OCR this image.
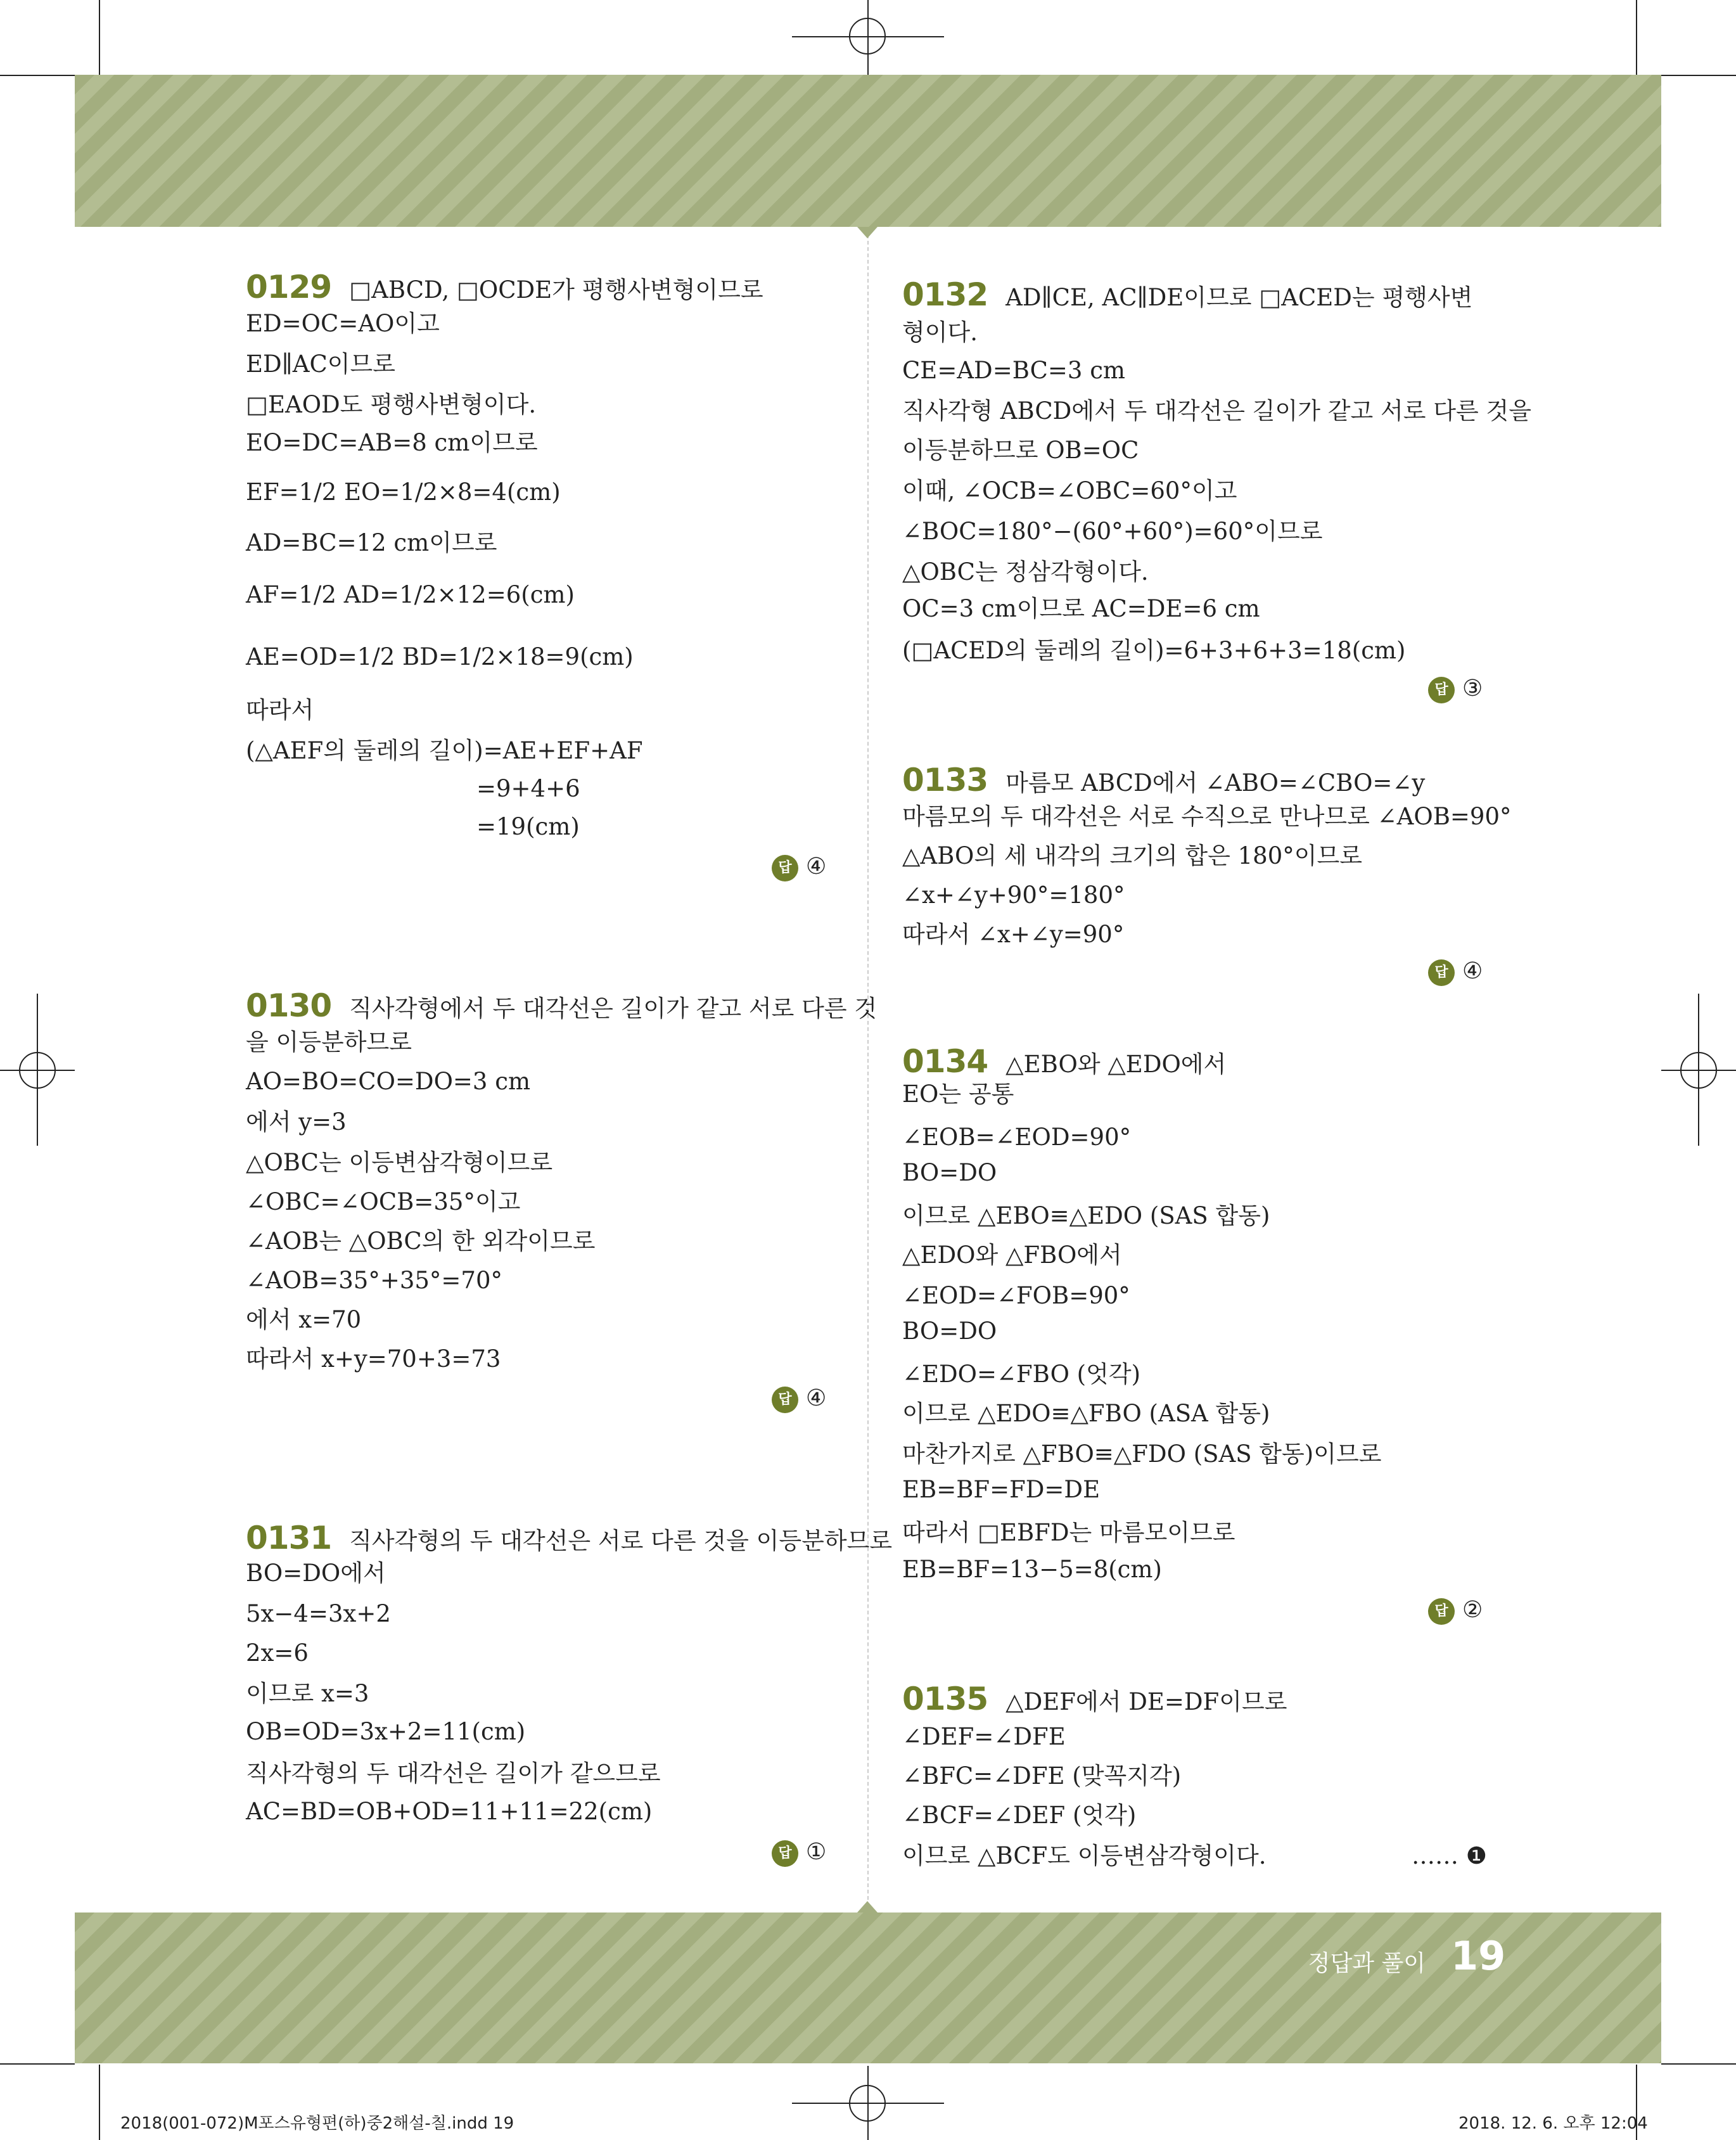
0129 □ABCD, □OCDE가 평행사변형이므로
ED=OC=AO이고
ED∥AC이므로
□EAOD도 평행사변형이다.
EO=DC=AB=8 cm이므로
EF=1/2 EO=1/2×8=4(cm)
AD=BC=12 cm이므로
AF=1/2 AD=1/2×12=6(cm)
AE=OD=1/2 BD=1/2×18=9(cm)
따라서
(△AEF의 둘레의 길이)=AE+EF+AF
=9+4+6
=19(cm)
답 ④
0130 직사각형에서 두 대각선은 길이가 같고 서로 다른 것
을 이등분하므로
AO=BO=CO=DO=3 cm
에서 y=3
△OBC는 이등변삼각형이므로
∠OBC=∠OCB=35°이고
∠AOB는 △OBC의 한 외각이므로
∠AOB=35°+35°=70°
에서 x=70
따라서 x+y=70+3=73
답 ④
0131 직사각형의 두 대각선은 서로 다른 것을 이등분하므로
BO=DO에서
5x−4=3x+2
2x=6
이므로 x=3
OB=OD=3x+2=11(cm)
직사각형의 두 대각선은 길이가 같으므로
AC=BD=OB+OD=11+11=22(cm)
답 ①
0132 AD∥CE, AC∥DE이므로 □ACED는 평행사변
형이다.
CE=AD=BC=3 cm
직사각형 ABCD에서 두 대각선은 길이가 같고 서로 다른 것을
이등분하므로 OB=OC
이때, ∠OCB=∠OBC=60°이고
∠BOC=180°−(60°+60°)=60°이므로
△OBC는 정삼각형이다.
OC=3 cm이므로 AC=DE=6 cm
(□ACED의 둘레의 길이)=6+3+6+3=18(cm)
답 ③
0133 마름모 ABCD에서 ∠ABO=∠CBO=∠y
마름모의 두 대각선은 서로 수직으로 만나므로 ∠AOB=90°
△ABO의 세 내각의 크기의 합은 180°이므로
∠x+∠y+90°=180°
따라서 ∠x+∠y=90°
답 ④
0134 △EBO와 △EDO에서
EO는 공통
∠EOB=∠EOD=90°
BO=DO
이므로 △EBO≡△EDO (SAS 합동)
△EDO와 △FBO에서
∠EOD=∠FOB=90°
BO=DO
∠EDO=∠FBO (엇각)
이므로 △EDO≡△FBO (ASA 합동)
마찬가지로 △FBO≡△FDO (SAS 합동)이므로
EB=BF=FD=DE
따라서 □EBFD는 마름모이므로
EB=BF=13−5=8(cm)
답 ②
0135 △DEF에서 DE=DF이므로
∠DEF=∠DFE
∠BFC=∠DFE (맞꼭지각)
∠BCF=∠DEF (엇각)
이므로 △BCF도 이등변삼각형이다.	…… ❶
정답과 풀이 19
2018(001-072)M포스유형편(하)중2해설-칠.indd 19	2018. 12. 6. 오후 12:04
